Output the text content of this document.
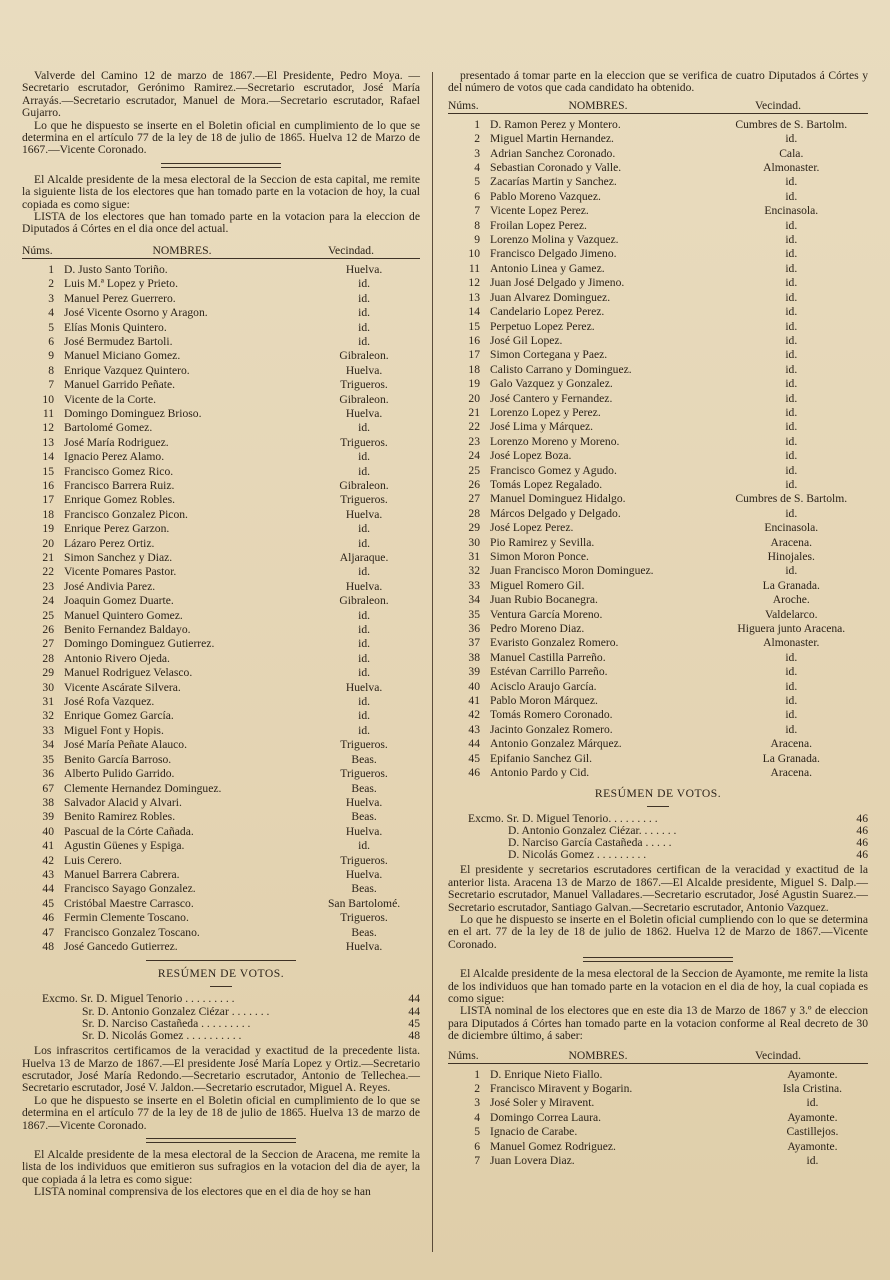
Valverde del Camino 12 de marzo de 1867.—El Presidente, Pedro Moya. —Secretario escrutador, Gerónimo Ramirez.—Secretario escrutador, José María Arrayás.—Secretario escrutador, Manuel de Mora.—Secretario escrutador, Rafael Gujarro.

Lo que he dispuesto se inserte en el Boletin oficial en cumplimiento de lo que se determina en el artículo 77 de la ley de 18 de julio de 1865. Huelva 12 de Marzo de 1667.—Vicente Coronado.

El Alcalde presidente de la mesa electoral de la Seccion de esta capital, me remite la siguiente lista de los electores que han tomado parte en la votacion de hoy, la cual copiada es como sigue:

LISTA de los electores que han tomado parte en la votacion para la eleccion de Diputados á Córtes en el dia once del actual.

Núms.	NOMBRES.	Vecindad.
1	D. Justo Santo Toriño.	Huelva.
2	Luis M.ª Lopez y Prieto.	id.
3	Manuel Perez Guerrero.	id.
4	José Vicente Osorno y Aragon.	id.
5	Elías Monis Quintero.	id.
6	José Bermudez Bartoli.	id.
9	Manuel Miciano Gomez.	Gibraleon.
8	Enrique Vazquez Quintero.	Huelva.
7	Manuel Garrido Peñate.	Trigueros.
10	Vicente de la Corte.	Gibraleon.
11	Domingo Dominguez Brioso.	Huelva.
12	Bartolomé Gomez.	id.
13	José María Rodriguez.	Trigueros.
14	Ignacio Perez Alamo.	id.
15	Francisco Gomez Rico.	id.
16	Francisco Barrera Ruiz.	Gibraleon.
17	Enrique Gomez Robles.	Trigueros.
18	Francisco Gonzalez Picon.	Huelva.
19	Enrique Perez Garzon.	id.
20	Lázaro Perez Ortiz.	id.
21	Simon Sanchez y Diaz.	Aljaraque.
22	Vicente Pomares Pastor.	id.
23	José Andivia Parez.	Huelva.
24	Joaquin Gomez Duarte.	Gibraleon.
25	Manuel Quintero Gomez.	id.
26	Benito Fernandez Baldayo.	id.
27	Domingo Dominguez Gutierrez.	id.
28	Antonio Rivero Ojeda.	id.
29	Manuel Rodriguez Velasco.	id.
30	Vicente Ascárate Silvera.	Huelva.
31	José Rofa Vazquez.	id.
32	Enrique Gomez García.	id.
33	Miguel Font y Hopis.	id.
34	José María Peñate Alauco.	Trigueros.
35	Benito García Barroso.	Beas.
36	Alberto Pulido Garrido.	Trigueros.
67	Clemente Hernandez Dominguez.	Beas.
38	Salvador Alacid y Alvari.	Huelva.
39	Benito Ramirez Robles.	Beas.
40	Pascual de la Córte Cañada.	Huelva.
41	Agustin Güenes y Espiga.	id.
42	Luis Cerero.	Trigueros.
43	Manuel Barrera Cabrera.	Huelva.
44	Francisco Sayago Gonzalez.	Beas.
45	Cristóbal Maestre Carrasco.	San Bartolomé.
46	Fermin Clemente Toscano.	Trigueros.
47	Francisco Gonzalez Toscano.	Beas.
48	José Gancedo Gutierrez.	Huelva.
RESÚMEN DE VOTOS.
Excmo. Sr. D. Miguel Tenorio . . . . . . . . .	44
Sr. D. Antonio Gonzalez Ciézar . . . . . . .	44
Sr. D. Narciso Castañeda . . . . . . . . .	45
Sr. D. Nicolás Gomez . . . . . . . . . .	48

Los infrascritos certificamos de la veracidad y exactitud de la precedente lista. Huelva 13 de Marzo de 1867.—El presidente José María Lopez y Ortiz.—Secretario escrutador, José María Redondo.—Secretario escrutador, Antonio de Tellechea.—Secretario escrutador, José V. Jaldon.—Secretario escrutador, Miguel A. Reyes.

Lo que he dispuesto se inserte en el Boletin oficial en cumplimiento de lo que se determina en el artículo 77 de la ley de 18 de julio de 1865. Huelva 13 de marzo de 1867.—Vicente Coronado.

El Alcalde presidente de la mesa electoral de la Seccion de Aracena, me remite la lista de los individuos que emitieron sus sufragios en la votacion del dia de ayer, la que copiada á la letra es como sigue:

LISTA nominal comprensiva de los electores que en el dia de hoy se han

presentado á tomar parte en la eleccion que se verifica de cuatro Diputados á Córtes y del número de votos que cada candidato ha obtenido.

Núms.	NOMBRES.	Vecindad.
1	D. Ramon Perez y Montero.	Cumbres de S. Bartolm.
2	Miguel Martin Hernandez.	id.
3	Adrian Sanchez Coronado.	Cala.
4	Sebastian Coronado y Valle.	Almonaster.
5	Zacarías Martin y Sanchez.	id.
6	Pablo Moreno Vazquez.	id.
7	Vicente Lopez Perez.	Encinasola.
8	Froilan Lopez Perez.	id.
9	Lorenzo Molina y Vazquez.	id.
10	Francisco Delgado Jimeno.	id.
11	Antonio Linea y Gamez.	id.
12	Juan José Delgado y Jimeno.	id.
13	Juan Alvarez Dominguez.	id.
14	Candelario Lopez Perez.	id.
15	Perpetuo Lopez Perez.	id.
16	José Gil Lopez.	id.
17	Simon Cortegana y Paez.	id.
18	Calisto Carrano y Dominguez.	id.
19	Galo Vazquez y Gonzalez.	id.
20	José Cantero y Fernandez.	id.
21	Lorenzo Lopez y Perez.	id.
22	José Lima y Márquez.	id.
23	Lorenzo Moreno y Moreno.	id.
24	José Lopez Boza.	id.
25	Francisco Gomez y Agudo.	id.
26	Tomás Lopez Regalado.	id.
27	Manuel Dominguez Hidalgo.	Cumbres de S. Bartolm.
28	Márcos Delgado y Delgado.	id.
29	José Lopez Perez.	Encinasola.
30	Pio Ramirez y Sevilla.	Aracena.
31	Simon Moron Ponce.	Hinojales.
32	Juan Francisco Moron Dominguez.	id.
33	Miguel Romero Gil.	La Granada.
34	Juan Rubio Bocanegra.	Aroche.
35	Ventura García Moreno.	Valdelarco.
36	Pedro Moreno Diaz.	Higuera junto Aracena.
37	Evaristo Gonzalez Romero.	Almonaster.
38	Manuel Castilla Parreño.	id.
39	Estévan Carrillo Parreño.	id.
40	Acisclo Araujo García.	id.
41	Pablo Moron Márquez.	id.
42	Tomás Romero Coronado.	id.
43	Jacinto Gonzalez Romero.	id.
44	Antonio Gonzalez Márquez.	Aracena.
45	Epifanio Sanchez Gil.	La Granada.
46	Antonio Pardo y Cid.	Aracena.
RESÚMEN DE VOTOS.
Excmo. Sr. D. Miguel Tenorio. . . . . . . . .	46
D. Antonio Gonzalez Ciézar. . . . . . .	46
D. Narciso García Castañeda . . . . .	46
D. Nicolás Gomez . . . . . . . . .	46

El presidente y secretarios escrutadores certifican de la veracidad y exactitud de la anterior lista. Aracena 13 de Marzo de 1867.—El Alcalde presidente, Miguel S. Dalp.—Secretario escrutador, Manuel Valladares.—Secretario escrutador, José Agustin Suarez.—Secretario escrutador, Santiago Galvan.—Secretario escrutador, Antonio Vazquez.

Lo que he dispuesto se inserte en el Boletin oficial cumpliendo con lo que se determina en el art. 77 de la ley de 18 de julio de 1862. Huelva 12 de Marzo de 1867.—Vicente Coronado.

El Alcalde presidente de la mesa electoral de la Seccion de Ayamonte, me remite la lista de los individuos que han tomado parte en la votacion en el dia de hoy, la cual copiada es como sigue:

LISTA nominal de los electores que en este dia 13 de Marzo de 1867 y 3.º de eleccion para Diputados á Córtes han tomado parte en la votacion conforme al Real decreto de 30 de diciembre último, á saber:

Núms.	NOMBRES.	Vecindad.
1	D. Enrique Nieto Fiallo.	Ayamonte.
2	Francisco Miravent y Bogarin.	Isla Cristina.
3	José Soler y Miravent.	id.
4	Domingo Correa Laura.	Ayamonte.
5	Ignacio de Carabe.	Castillejos.
6	Manuel Gomez Rodriguez.	Ayamonte.
7	Juan Lovera Diaz.	id.
